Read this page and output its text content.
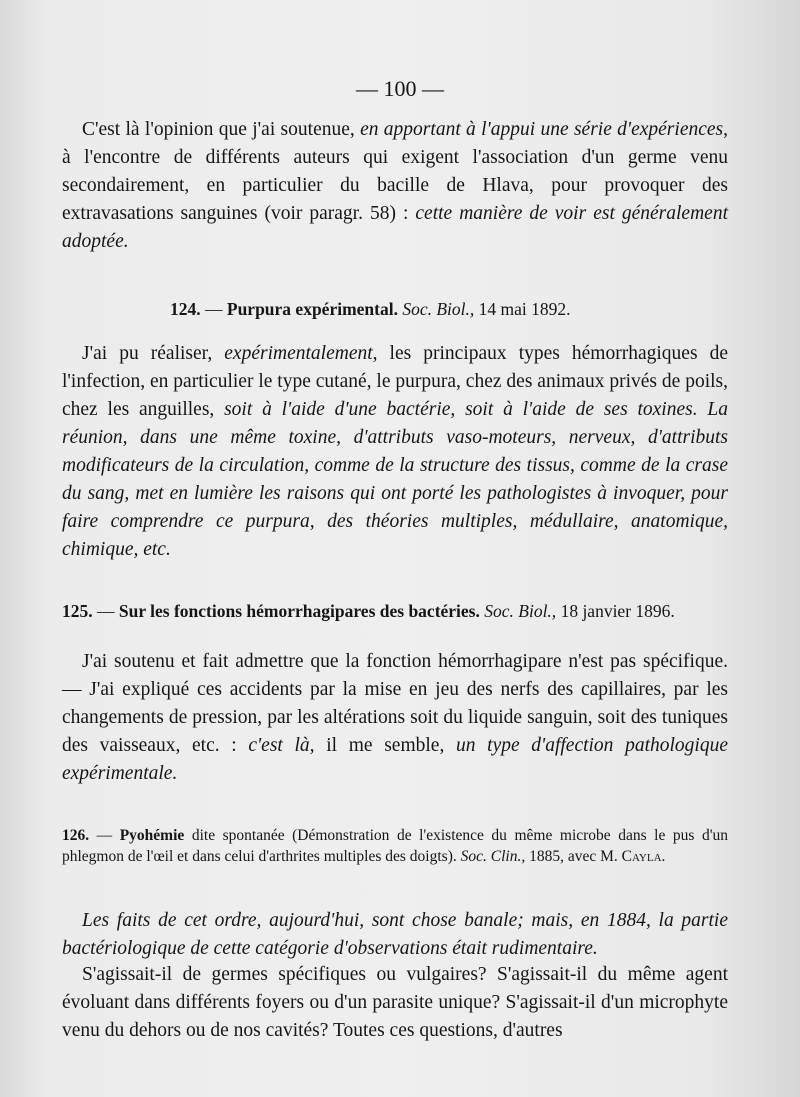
— 100 —

C'est là l'opinion que j'ai soutenue, en apportant à l'appui une série d'expériences, à l'encontre de différents auteurs qui exigent l'association d'un germe venu secondairement, en particulier du bacille de Hlava, pour provoquer des extravasations sanguines (voir paragr. 58) : cette manière de voir est généralement adoptée.

124. — Purpura expérimental. Soc. Biol., 14 mai 1892.

J'ai pu réaliser, expérimentalement, les principaux types hémorrhagiques de l'infection, en particulier le type cutané, le purpura, chez des animaux privés de poils, chez les anguilles, soit à l'aide d'une bactérie, soit à l'aide de ses toxines. La réunion, dans une même toxine, d'attributs vaso-moteurs, nerveux, d'attributs modificateurs de la circulation, comme de la structure des tissus, comme de la crase du sang, met en lumière les raisons qui ont porté les pathologistes à invoquer, pour faire comprendre ce purpura, des théories multiples, médullaire, anatomique, chimique, etc.

125. — Sur les fonctions hémorrhagipares des bactéries. Soc. Biol., 18 janvier 1896.

J'ai soutenu et fait admettre que la fonction hémorrhagipare n'est pas spécifique. — J'ai expliqué ces accidents par la mise en jeu des nerfs des capillaires, par les changements de pression, par les altérations soit du liquide sanguin, soit des tuniques des vaisseaux, etc. : c'est là, il me semble, un type d'affection pathologique expérimentale.

126. — Pyohémie dite spontanée (Démonstration de l'existence du même microbe dans le pus d'un phlegmon de l'œil et dans celui d'arthrites multiples des doigts). Soc. Clin., 1885, avec M. Cayla.

Les faits de cet ordre, aujourd'hui, sont chose banale; mais, en 1884, la partie bactériologique de cette catégorie d'observations était rudimentaire.

S'agissait-il de germes spécifiques ou vulgaires? S'agissait-il du même agent évoluant dans différents foyers ou d'un parasite unique? S'agissait-il d'un microphyte venu du dehors ou de nos cavités? Toutes ces questions, d'autres
